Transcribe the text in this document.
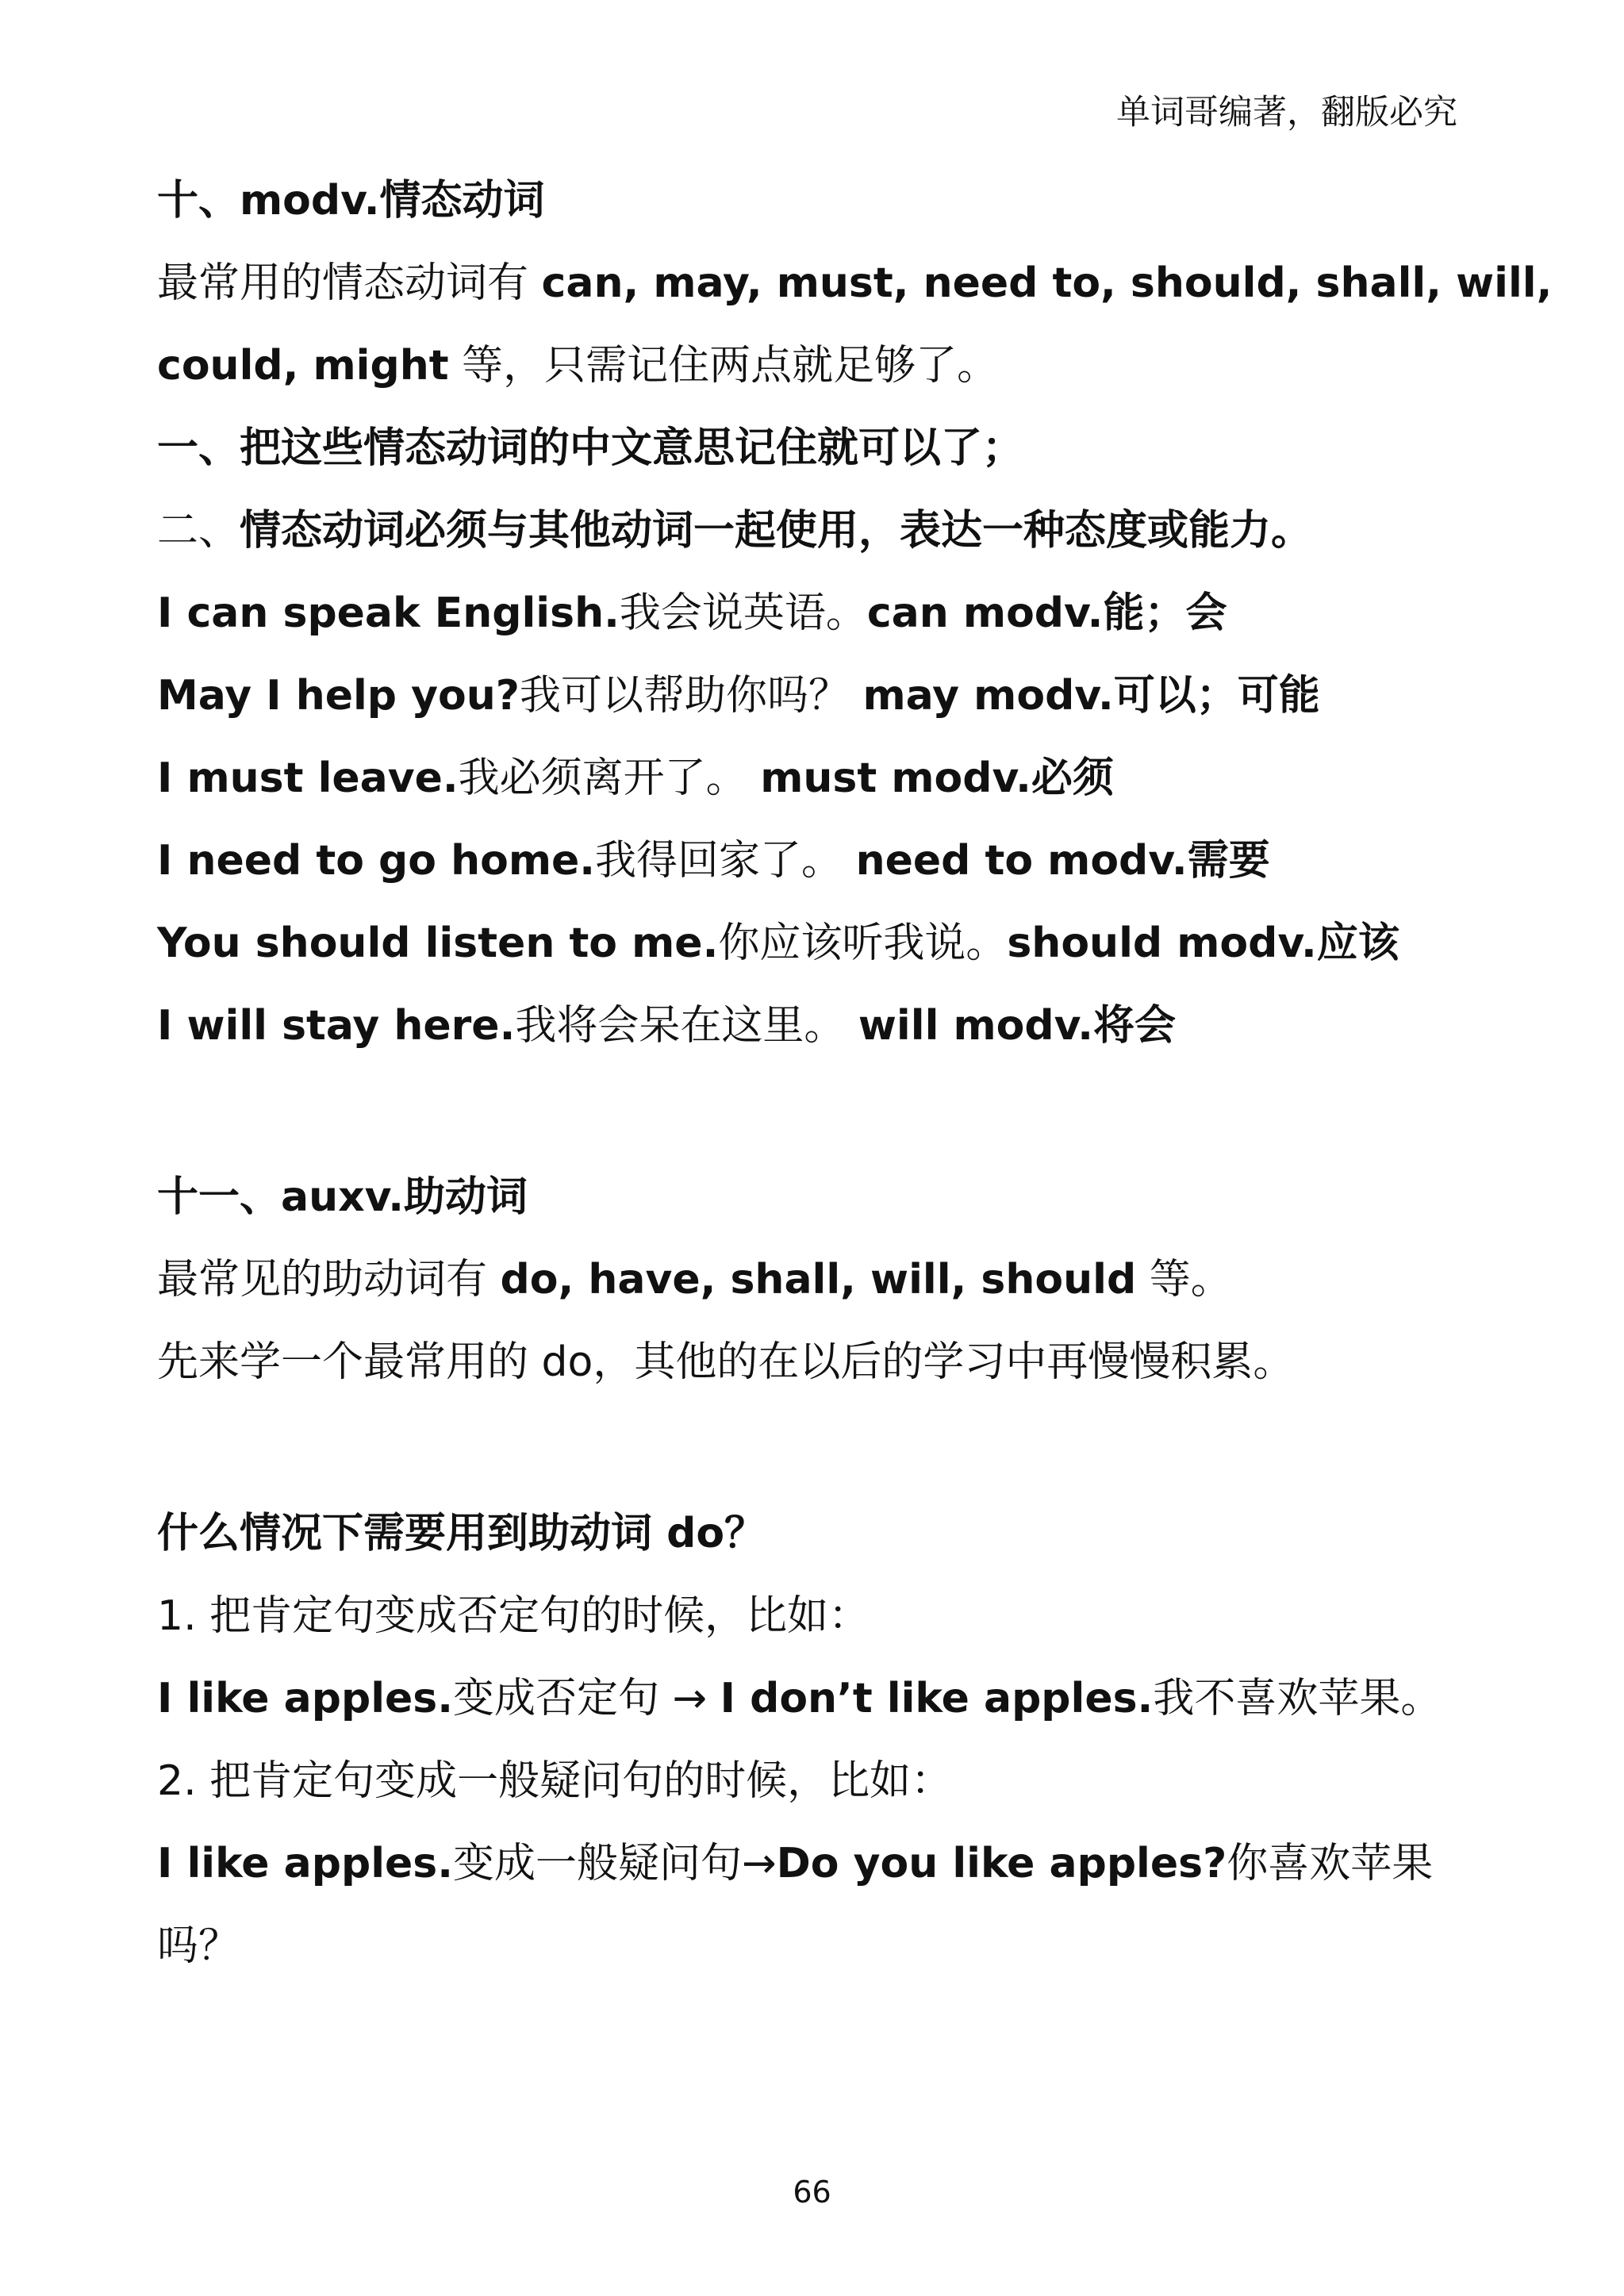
单词哥编著，翻版必究
十、modv.情态动词
最常用的情态动词有 can, may, must, need to, should, shall, will,
could, might 等，只需记住两点就足够了。
一、把这些情态动词的中文意思记住就可以了；
二、情态动词必须与其他动词一起使用，表达一种态度或能力。
I can speak English.我会说英语。can modv.能；会
May I help you?我可以帮助你吗？ may modv.可以；可能
I must leave.我必须离开了。 must modv.必须
I need to go home.我得回家了。 need to modv.需要
You should listen to me.你应该听我说。should modv.应该
I will stay here.我将会呆在这里。 will modv.将会
十一、auxv.助动词
最常见的助动词有 do, have, shall, will, should 等。
先来学一个最常用的 do，其他的在以后的学习中再慢慢积累。
什么情况下需要用到助动词 do？
1. 把肯定句变成否定句的时候，比如：
I like apples.变成否定句 → I don’t like apples.我不喜欢苹果。
2. 把肯定句变成一般疑问句的时候，比如：
I like apples.变成一般疑问句→Do you like apples?你喜欢苹果
吗？
66
